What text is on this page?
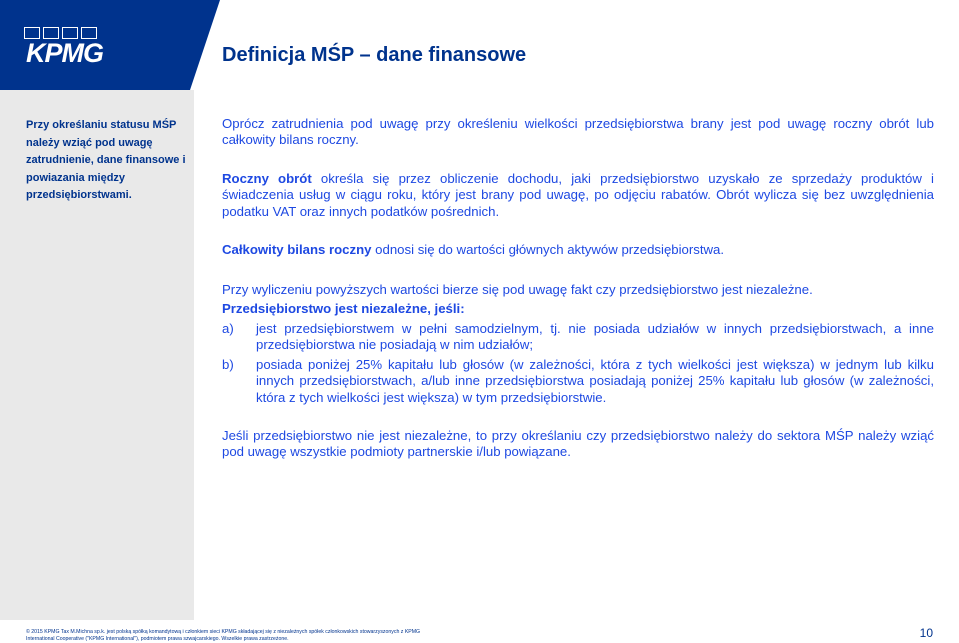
KPMG	Definicja MŚP – dane finansowe
Przy określaniu statusu MŚP należy wziąć pod uwagę zatrudnienie, dane finansowe i powiazania między przedsiębiorstwami.

Oprócz zatrudnienia pod uwagę przy określeniu wielkości przedsiębiorstwa brany jest pod uwagę roczny obrót lub całkowity bilans roczny.

Roczny obrót określa się przez obliczenie dochodu, jaki przedsiębiorstwo uzyskało ze sprzedaży produktów i świadczenia usług w ciągu roku, który jest brany pod uwagę, po odjęciu rabatów. Obrót wylicza się bez uwzględnienia podatku VAT oraz innych podatków pośrednich.

Całkowity bilans roczny odnosi się do wartości głównych aktywów przedsiębiorstwa.

Przy wyliczeniu powyższych wartości bierze się pod uwagę fakt czy przedsiębiorstwo jest niezależne.

Przedsiębiorstwo jest niezależne, jeśli:

a) jest przedsiębiorstwem w pełni samodzielnym, tj. nie posiada udziałów w innych przedsiębiorstwach, a inne przedsiębiorstwa nie posiadają w nim udziałów;
b) posiada poniżej 25% kapitału lub głosów (w zależności, która z tych wielkości jest większa) w jednym lub kilku innych przedsiębiorstwach, a/lub inne przedsiębiorstwa posiadają poniżej 25% kapitału lub głosów (w zależności, która z tych wielkości jest większa) w tym przedsiębiorstwie.

Jeśli przedsiębiorstwo nie jest niezależne, to przy określaniu czy przedsiębiorstwo należy do sektora MŚP należy wziąć pod uwagę wszystkie podmioty partnerskie i/lub powiązane.

© 2015 KPMG Tax M.Michna sp.k. jest polską spółką komandytową i członkiem sieci KPMG składającej się z niezależnych spółek członkowskich stowarzyszonych z KPMG
International Cooperative ("KPMG International"), podmiotem prawa szwajcarskiego. Wszelkie prawa zastrzeżone.	10
